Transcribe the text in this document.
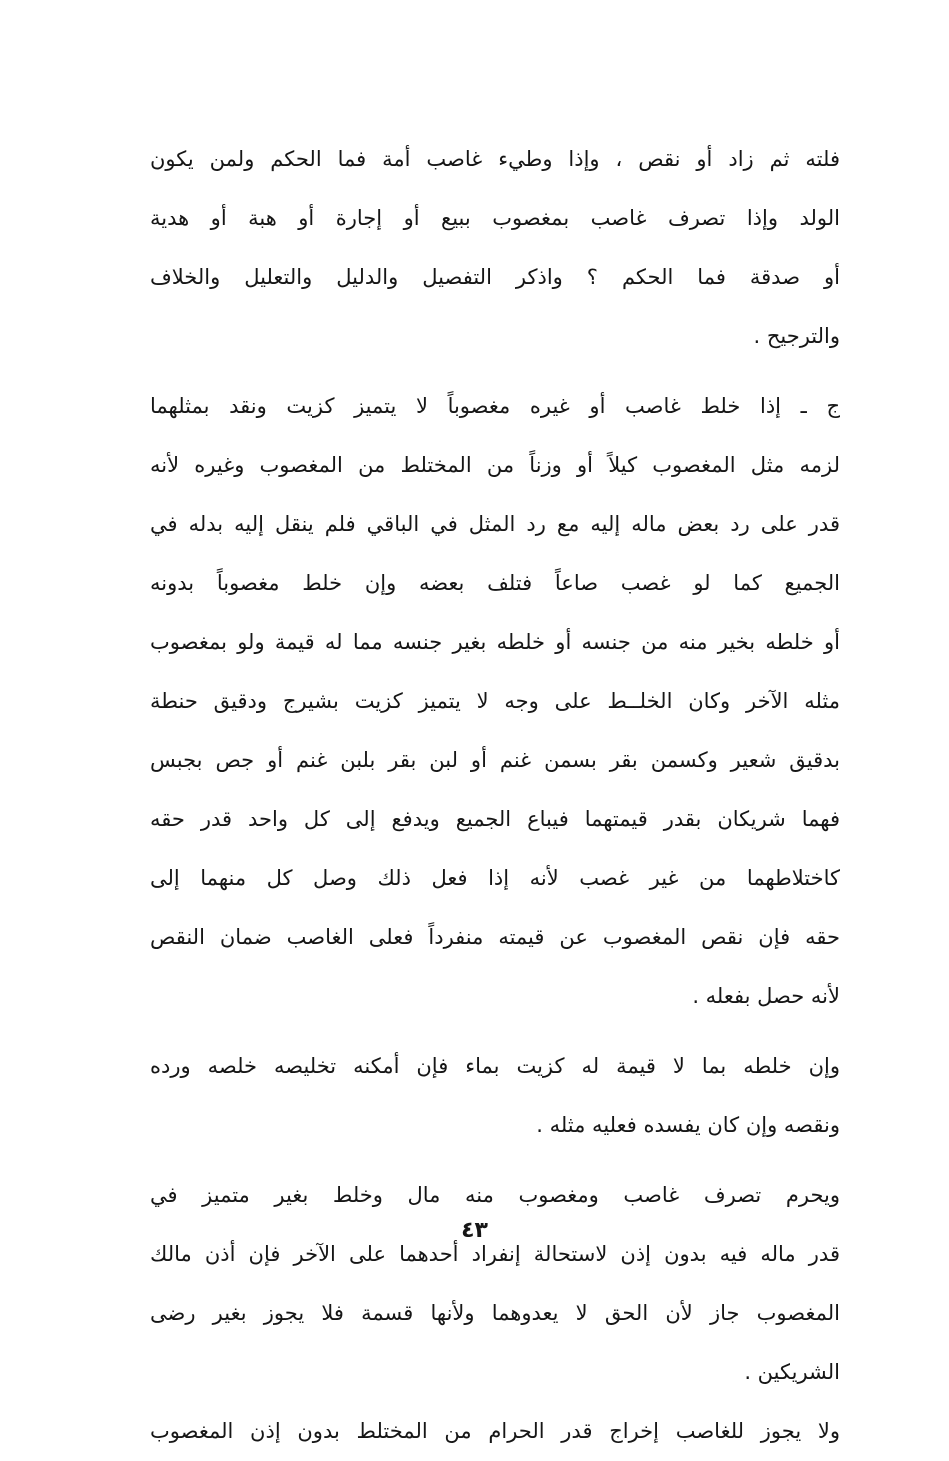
فلته ثم زاد أو نقص ، وإذا وطيء غاصب أمة فما الحكم ولمن يكون
الولد وإذا تصرف غاصب بمغصوب ببيع أو إجارة أو هبة أو هدية
أو صدقة فما الحكم ؟ واذكر التفصيل والدليل والتعليل والخلاف
والترجيح .
ج ـ إذا خلط غاصب أو غيره مغصوباً لا يتميز كزيت ونقد بمثلهما
لزمه مثل المغصوب كيلاً أو وزناً من المختلط من المغصوب وغيره لأنه
قدر على رد بعض ماله إليه مع رد المثل في الباقي فلم ينقل إليه بدله في
الجميع كما لو غصب صاعاً فتلف بعضه وإن خلط مغصوباً بدونه
أو خلطه بخير منه من جنسه أو خلطه بغير جنسه مما له قيمة ولو بمغصوب
مثله الآخر وكان الخلــط على وجه لا يتميز كزيت بشيرج ودقيق حنطة
بدقيق شعير وكسمن بقر بسمن غنم أو لبن بقر بلبن غنم أو جص بجبس
فهما شريكان بقدر قيمتهما فيباع الجميع ويدفع إلى كل واحد قدر حقه
كاختلاطهما من غير غصب لأنه إذا فعل ذلك وصل كل منهما إلى
حقه فإن نقص المغصوب عن قيمته منفرداً فعلى الغاصب ضمان النقص
لأنه حصل بفعله .
وإن خلطه بما لا قيمة له كزيت بماء فإن أمكنه تخليصه خلصه ورده
ونقصه وإن كان يفسده فعليه مثله .
ويحرم تصرف غاصب ومغصوب منه مال وخلط بغير متميز في
قدر ماله فيه بدون إذن لاستحالة إنفراد أحدهما على الآخر فإن أذن مالك
المغصوب جاز لأن الحق لا يعدوهما ولأنها قسمة فلا يجوز بغير رضى
الشريكين .
ولا يجوز للغاصب إخراج قدر الحرام من المختلط بدون إذن المغصوب
٤٣
